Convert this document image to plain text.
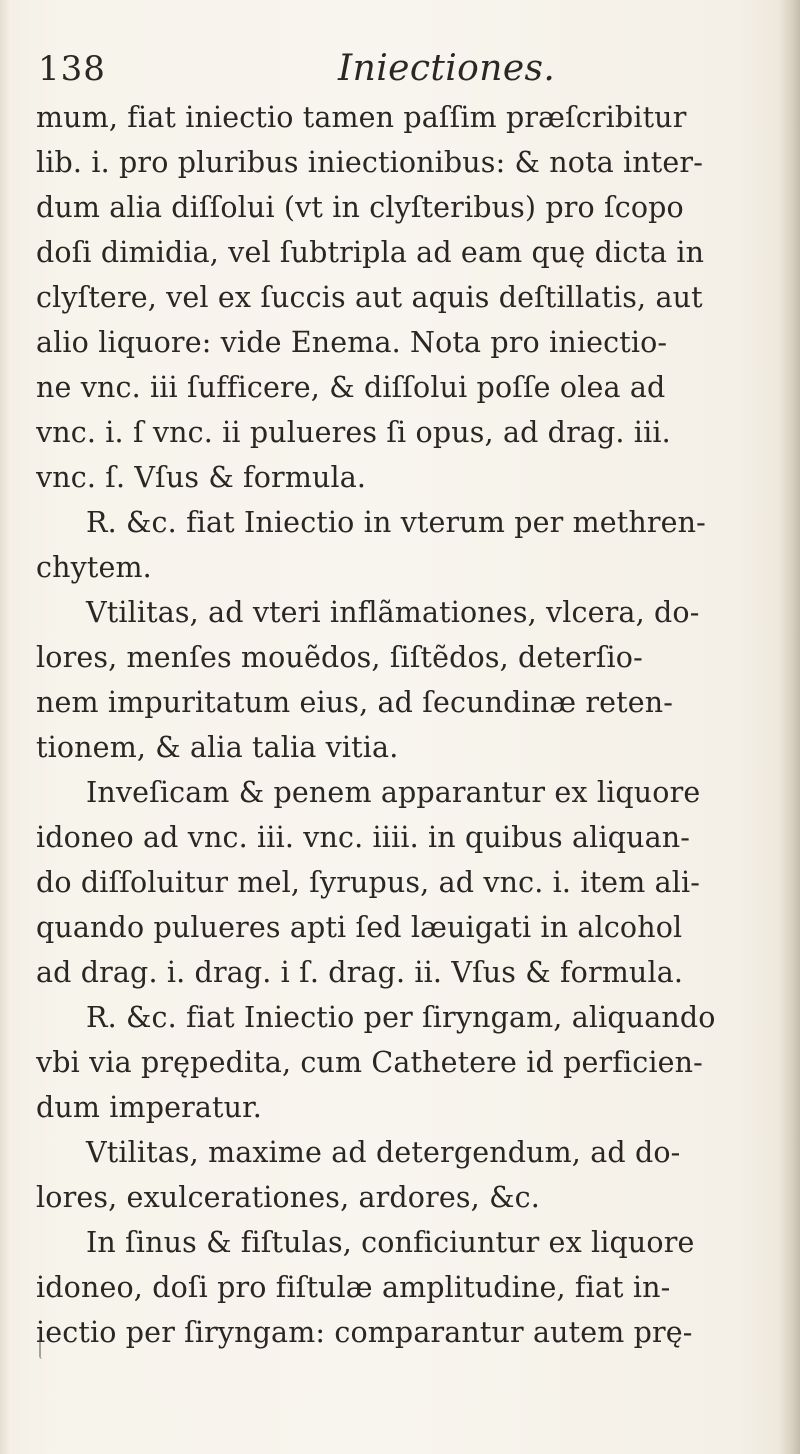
138	Iniectiones.
mum, fiat iniectio tamen paſſim præſcribitur
lib. i. pro pluribus iniectionibus: & nota inter-
dum alia diſſolui (vt in clyſteribus) pro ſcopo
doſi dimidia, vel ſubtripla ad eam quę dicta in
clyſtere, vel ex ſuccis aut aquis deſtillatis, aut
alio liquore: vide Enema. Nota pro iniectio-
ne vnc. iii ſufficere, & diſſolui poſſe olea ad
vnc. i. ſ vnc. ii pulueres ſi opus, ad drag. iii.
vnc. ſ. Vſus & formula.
R. &c. fiat Iniectio in vterum per methren-
chytem.
Vtilitas, ad vteri inflãmationes, vlcera, do-
lores, menſes mouẽdos, ſiſtẽdos, deterſio-
nem impuritatum eius, ad ſecundinæ reten-
tionem, & alia talia vitia.
Inveſicam & penem apparantur ex liquore
idoneo ad vnc. iii. vnc. iiii. in quibus aliquan-
do diſſoluitur mel, ſyrupus, ad vnc. i. item ali-
quando pulueres apti ſed læuigati in alcohol
ad drag. i. drag. i ſ. drag. ii. Vſus & formula.
R. &c. fiat Iniectio per ſiryngam, aliquando
vbi via prępedita, cum Cathetere id perficien-
dum imperatur.
Vtilitas, maxime ad detergendum, ad do-
lores, exulcerationes, ardores, &c.
In ſinus & fiſtulas, conficiuntur ex liquore
idoneo, doſi pro fiſtulæ amplitudine, fiat in-
iectio per ſiryngam: comparantur autem prę-
